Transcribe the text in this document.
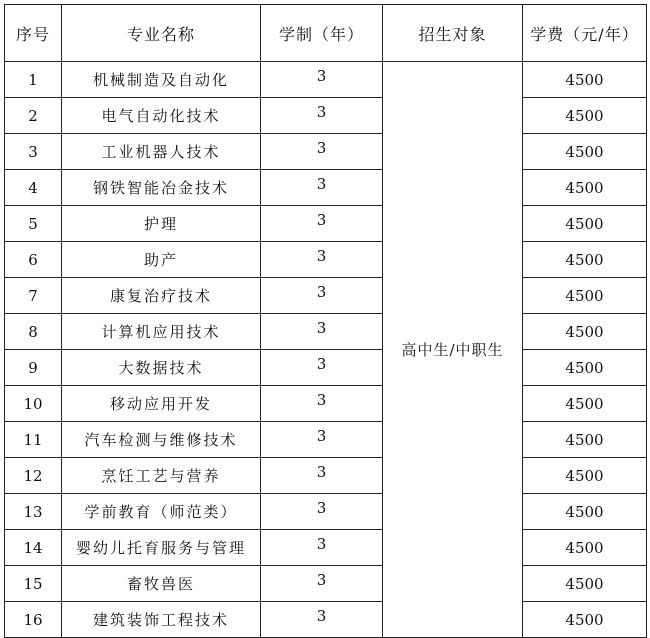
序号	专业名称	学制（年）	招生对象	学费（元/年）
1	机械制造及自动化	3	高中生/中职生	4500
2	电气自动化技术	3		4500
3	工业机器人技术	3		4500
4	钢铁智能冶金技术	3		4500
5	护理	3		4500
6	助产	3		4500
7	康复治疗技术	3		4500
8	计算机应用技术	3		4500
9	大数据技术	3		4500
10	移动应用开发	3		4500
11	汽车检测与维修技术	3		4500
12	烹饪工艺与营养	3		4500
13	学前教育（师范类）	3		4500
14	婴幼儿托育服务与管理	3		4500
15	畜牧兽医	3		4500
16	建筑装饰工程技术	3		4500
